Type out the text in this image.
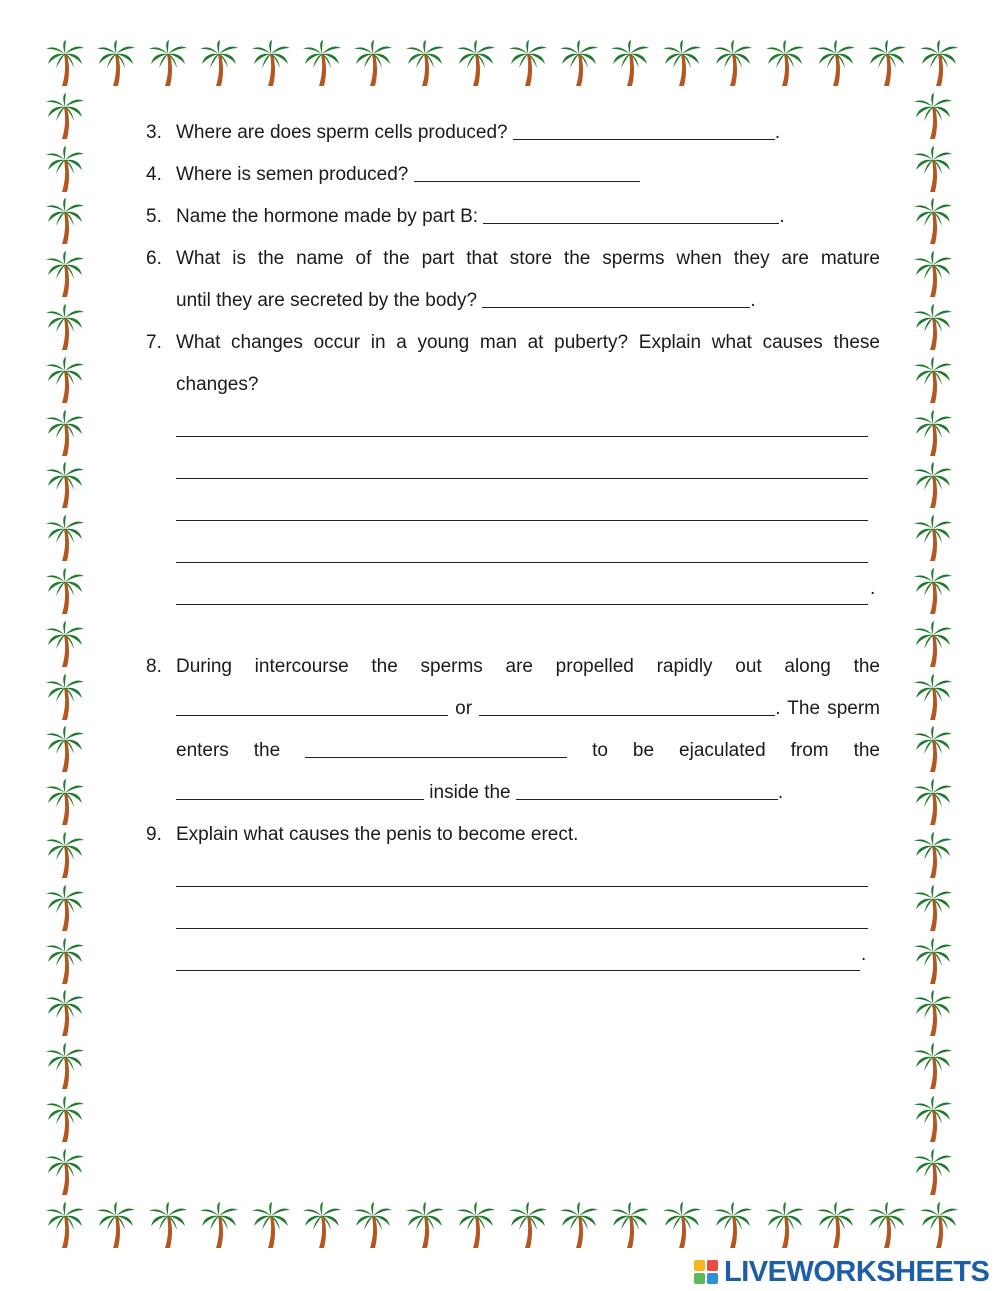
3. Where are does sperm cells produced?	.
4. Where is semen produced?
5. Name the hormone made by part B:	.
6. What is the name of the part that store the sperms when they are mature
until they are secreted by the body?	.
7. What changes occur in a young man at puberty? Explain what causes these
changes?
.
8. During intercourse the sperms are propelled rapidly out along the
or	. The sperm
enters the	to be ejaculated from the
inside the	.
9. Explain what causes the penis to become erect.
.
LIVEWORKSHEETS
